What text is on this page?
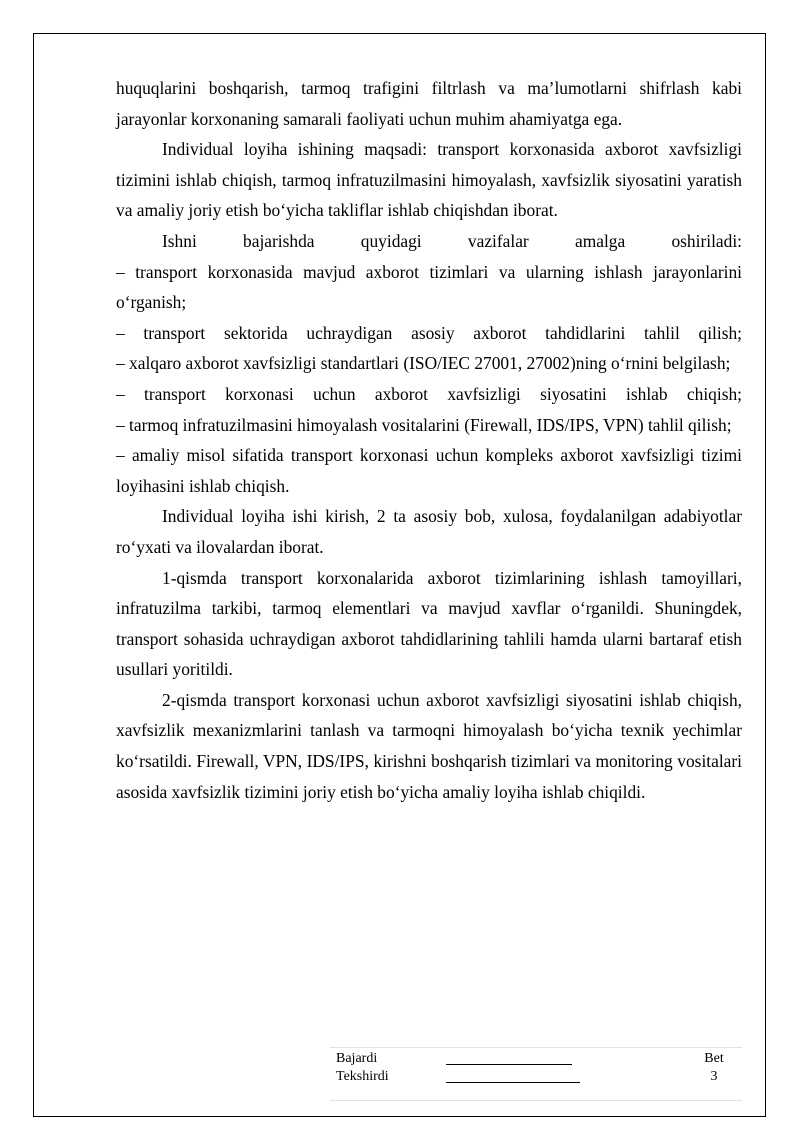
huquqlarini boshqarish, tarmoq trafigini filtrlash va ma’lumotlarni shifrlash kabi jarayonlar korxonaning samarali faoliyati uchun muhim ahamiyatga ega.

Individual loyiha ishining maqsadi: transport korxonasida axborot xavfsizligi tizimini ishlab chiqish, tarmoq infratuzilmasini himoyalash, xavfsizlik siyosatini yaratish va amaliy joriy etish bo‘yicha takliflar ishlab chiqishdan iborat.

Ishni bajarishda quyidagi vazifalar amalga oshiriladi:

– transport korxonasida mavjud axborot tizimlari va ularning ishlash jarayonlarini o‘rganish;

– transport sektorida uchraydigan asosiy axborot tahdidlarini tahlil qilish;

– xalqaro axborot xavfsizligi standartlari (ISO/IEC 27001, 27002)ning o‘rnini belgilash;

– transport korxonasi uchun axborot xavfsizligi siyosatini ishlab chiqish;

– tarmoq infratuzilmasini himoyalash vositalarini (Firewall, IDS/IPS, VPN) tahlil qilish;

– amaliy misol sifatida transport korxonasi uchun kompleks axborot xavfsizligi tizimi loyihasini ishlab chiqish.

Individual loyiha ishi kirish, 2 ta asosiy bob, xulosa, foydalanilgan adabiyotlar ro‘yxati va ilovalardan iborat.

1-qismda transport korxonalarida axborot tizimlarining ishlash tamoyillari, infratuzilma tarkibi, tarmoq elementlari va mavjud xavflar o‘rganildi. Shuningdek, transport sohasida uchraydigan axborot tahdidlarining tahlili hamda ularni bartaraf etish usullari yoritildi.

2-qismda transport korxonasi uchun axborot xavfsizligi siyosatini ishlab chiqish, xavfsizlik mexanizmlarini tanlash va tarmoqni himoyalash bo‘yicha texnik yechimlar ko‘rsatildi. Firewall, VPN, IDS/IPS, kirishni boshqarish tizimlari va monitoring vositalari asosida xavfsizlik tizimini joriy etish bo‘yicha amaliy loyiha ishlab chiqildi.

Bajardi	Bet
Tekshirdi	3
